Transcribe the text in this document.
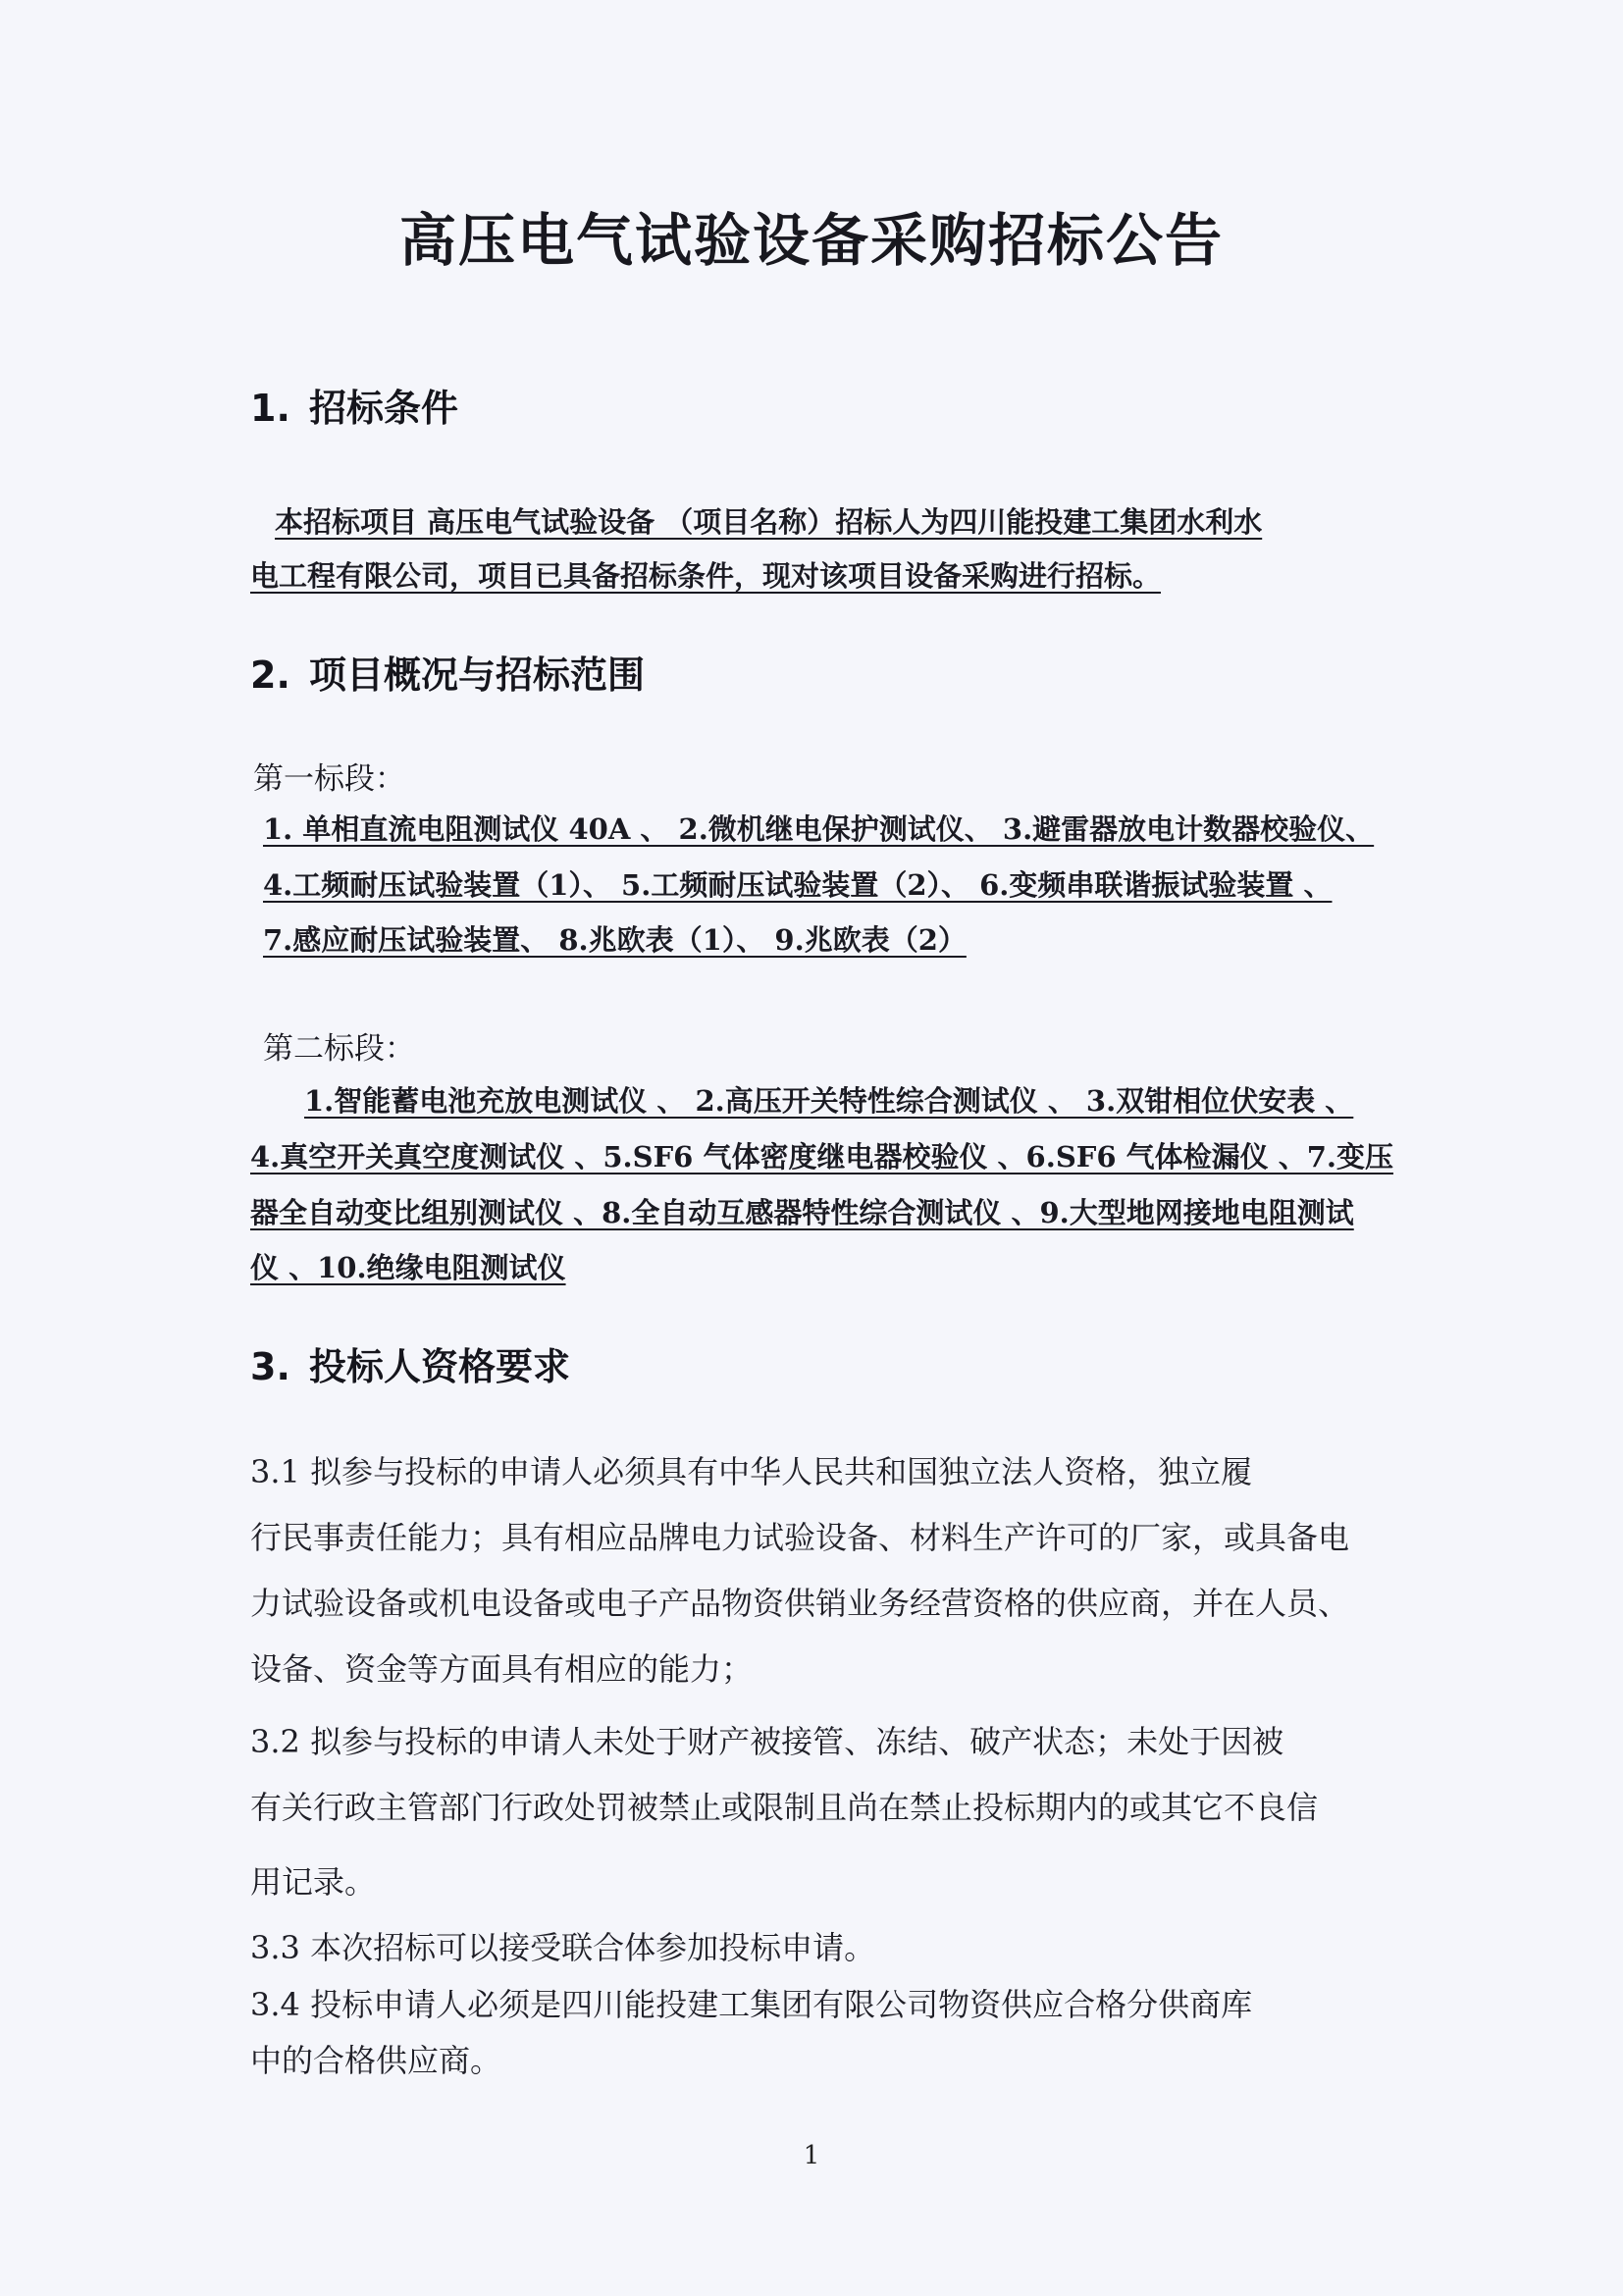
高压电气试验设备采购招标公告
1. 招标条件
本招标项目 高压电气试验设备 （项目名称）招标人为四川能投建工集团水利水
电工程有限公司，项目已具备招标条件，现对该项目设备采购进行招标。
2. 项目概况与招标范围
第一标段：
1. 单相直流电阻测试仪 40A 、 2.微机继电保护测试仪、 3.避雷器放电计数器校验仪、
4.工频耐压试验装置（1）、 5.工频耐压试验装置（2）、 6.变频串联谐振试验装置 、
7.感应耐压试验装置、 8.兆欧表（1）、 9.兆欧表（2）
第二标段：
1.智能蓄电池充放电测试仪 、 2.高压开关特性综合测试仪 、 3.双钳相位伏安表 、
4.真空开关真空度测试仪 、5.SF6 气体密度继电器校验仪 、6.SF6 气体检漏仪 、7.变压
器全自动变比组别测试仪 、8.全自动互感器特性综合测试仪 、9.大型地网接地电阻测试
仪 、10.绝缘电阻测试仪
3. 投标人资格要求
3.1 拟参与投标的申请人必须具有中华人民共和国独立法人资格，独立履
行民事责任能力；具有相应品牌电力试验设备、材料生产许可的厂家，或具备电
力试验设备或机电设备或电子产品物资供销业务经营资格的供应商，并在人员、
设备、资金等方面具有相应的能力；
3.2 拟参与投标的申请人未处于财产被接管、冻结、破产状态；未处于因被
有关行政主管部门行政处罚被禁止或限制且尚在禁止投标期内的或其它不良信
用记录。
3.3 本次招标可以接受联合体参加投标申请。
3.4 投标申请人必须是四川能投建工集团有限公司物资供应合格分供商库
中的合格供应商。
1
